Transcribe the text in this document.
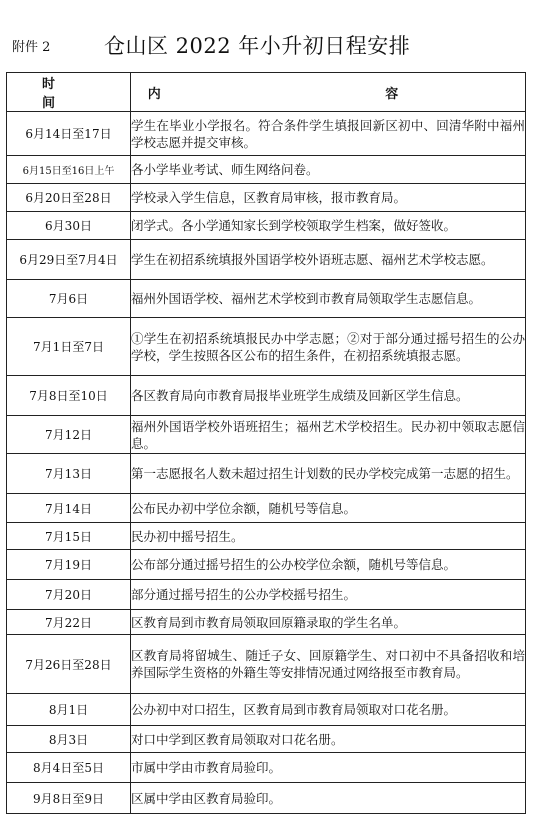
附件 2	仓山区 2022 年小升初日程安排
时 间	内 容
6月14日至17日	学生在毕业小学报名。符合条件学生填报回新区初中、回清华附中福州学校志愿并提交审核。
6月15日至16日上午	各小学毕业考试、师生网络问卷。
6月20日至28日	学校录入学生信息，区教育局审核，报市教育局。
6月30日	闭学式。各小学通知家长到学校领取学生档案，做好签收。
6月29日至7月4日	学生在初招系统填报外国语学校外语班志愿、福州艺术学校志愿。
7月6日	福州外国语学校、福州艺术学校到市教育局领取学生志愿信息。
7月1日至7日	①学生在初招系统填报民办中学志愿；②对于部分通过摇号招生的公办学校，学生按照各区公布的招生条件，在初招系统填报志愿。
7月8日至10日	各区教育局向市教育局报毕业班学生成绩及回新区学生信息。
7月12日	福州外国语学校外语班招生；福州艺术学校招生。民办初中领取志愿信息。
7月13日	第一志愿报名人数未超过招生计划数的民办学校完成第一志愿的招生。
7月14日	公布民办初中学位余额，随机号等信息。
7月15日	民办初中摇号招生。
7月19日	公布部分通过摇号招生的公办校学位余额，随机号等信息。
7月20日	部分通过摇号招生的公办学校摇号招生。
7月22日	区教育局到市教育局领取回原籍录取的学生名单。
7月26日至28日	区教育局将留城生、随迁子女、回原籍学生、对口初中不具备招收和培养国际学生资格的外籍生等安排情况通过网络报至市教育局。
8月1日	公办初中对口招生，区教育局到市教育局领取对口花名册。
8月3日	对口中学到区教育局领取对口花名册。
8月4日至5日	市属中学由市教育局验印。
9月8日至9日	区属中学由区教育局验印。
